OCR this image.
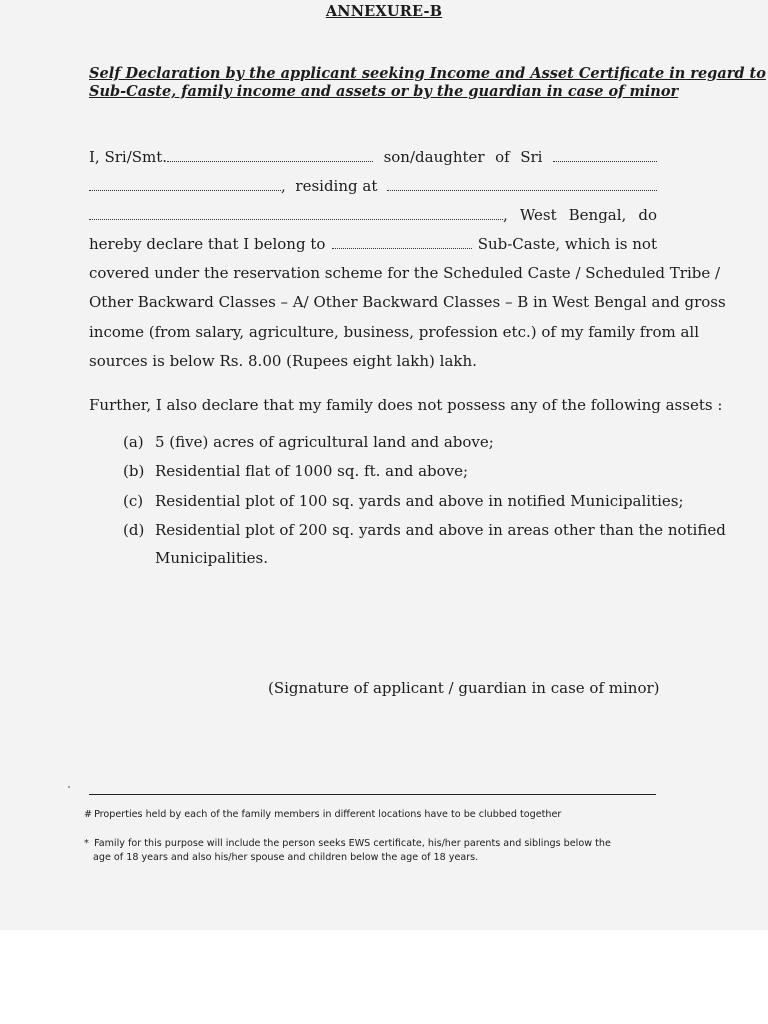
ANNEXURE-B
Self Declaration by the applicant seeking Income and Asset Certificate in regard to
Sub-Caste, family income and assets or by the guardian in case of minor
I, Sri/Smt.	son/daughter of Sri
, residing at
, West Bengal, do
hereby declare that I belong to	Sub-Caste, which is not
covered under the reservation scheme for the Scheduled Caste / Scheduled Tribe /
Other Backward Classes – A/ Other Backward Classes – B in West Bengal and gross
income (from salary, agriculture, business, profession etc.) of my family from all
sources is below Rs. 8.00 (Rupees eight lakh) lakh.
Further, I also declare that my family does not possess any of the following assets :
(a) 5 (five) acres of agricultural land and above;
(b) Residential flat of 1000 sq. ft. and above;
(c) Residential plot of 100 sq. yards and above in notified Municipalities;
(d) Residential plot of 200 sq. yards and above in areas other than the notified
Municipalities.
(Signature of applicant / guardian in case of minor)
# Properties held by each of the family members in different locations have to be clubbed together
* Family for this purpose will include the person seeks EWS certificate, his/her parents and siblings below the
age of 18 years and also his/her spouse and children below the age of 18 years.
